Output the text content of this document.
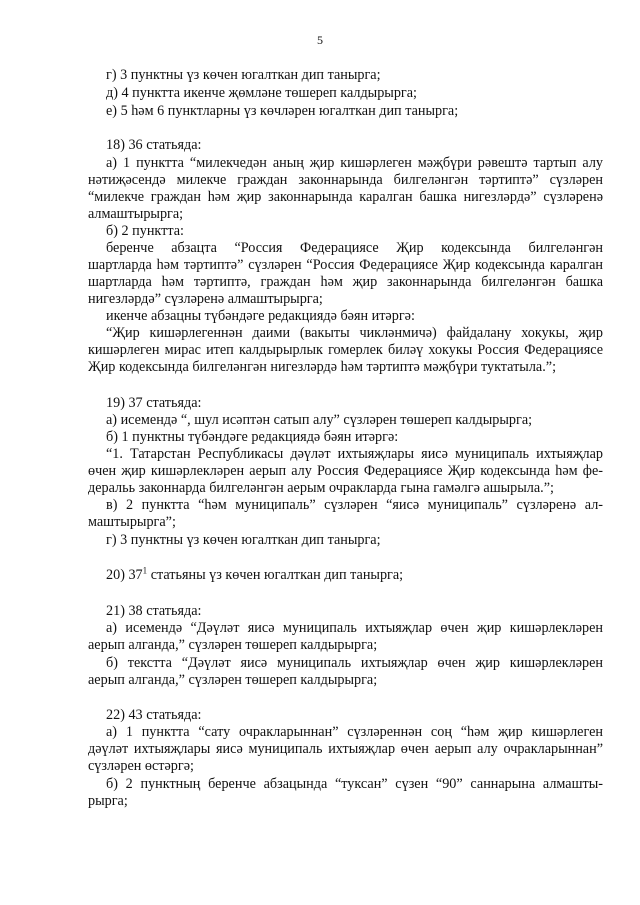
5
г) 3 пунктны үз көчен югалткан дип танырга;
д) 4 пунктта икенче җөмләне төшереп калдырырга;
е) 5 һәм 6 пунктларны үз көчләрен югалткан дип танырга;
18) 36 статьяда:
а) 1 пунктта “милекчедән аның җир кишәрлеген мәҗбүри рәвештә тартып алу
нәтиҗәсендә милекче граждан законнарында билгеләнгән тәртиптә” сүзләрен
“милекче граждан һәм җир законнарында каралган башка нигезләрдә” сүзләренә
алмаштырырга;
б) 2 пунктта:
беренче абзацта “Россия Федерациясе Җир кодексында билгеләнгән
шартларда һәм тәртиптә” сүзләрен “Россия Федерациясе Җир кодексында каралган
шартларда һәм тәртиптә, граждан һәм җир законнарында билгеләнгән башка
нигезләрдә” сүзләренә алмаштырырга;
икенче абзацны түбәндәге редакциядә бәян итәргә:
“Җир кишәрлегеннән даими (вакыты чикләнмичә) файдалану хокукы, җир
кишәрлеген мирас итеп калдырырлык гомерлек биләү хокукы Россия Федерациясе
Җир кодексында билгеләнгән нигезләрдә һәм тәртиптә мәҗбүри туктатыла.”;
19) 37 статьяда:
а) исемендә “, шул исәптән сатып алу” сүзләрен төшереп калдырырга;
б) 1 пунктны түбәндәге редакциядә бәян итәргә:
“1. Татарстан Республикасы дәүләт ихтыяҗлары яисә муниципаль ихтыяҗлар
өчен җир кишәрлекләрен аерып алу Россия Федерациясе Җир кодексында һәм фе-
деральь законнарда билгеләнгән аерым очракларда гына гамәлгә ашырыла.”;
в) 2 пунктта “һәм муниципаль” сүзләрен “яисә муниципаль” сүзләренә ал-
маштырырга”;
г) 3 пунктны үз көчен югалткан дип танырга;
20) $37^1$ статьяны үз көчен югалткан дип танырга;
21) 38 статьяда:
а) исемендә “Дәүләт яисә муниципаль ихтыяҗлар өчен җир кишәрлекләрен
аерып алганда,” сүзләрен төшереп калдырырга;
б) текстта “Дәүләт яисә муниципаль ихтыяҗлар өчен җир кишәрлекләрен
аерып алганда,” сүзләрен төшереп калдырырга;
22) 43 статьяда:
а) 1 пунктта “сату очракларыннан” сүзләреннән соң “һәм җир кишәрлеген
дәүләт ихтыяҗлары яисә муниципаль ихтыяҗлар өчен аерып алу очракларыннан”
сүзләрен өстәргә;
б) 2 пунктның беренче абзацында “туксан” сүзен “90” саннарына алмашты-
рырга;
